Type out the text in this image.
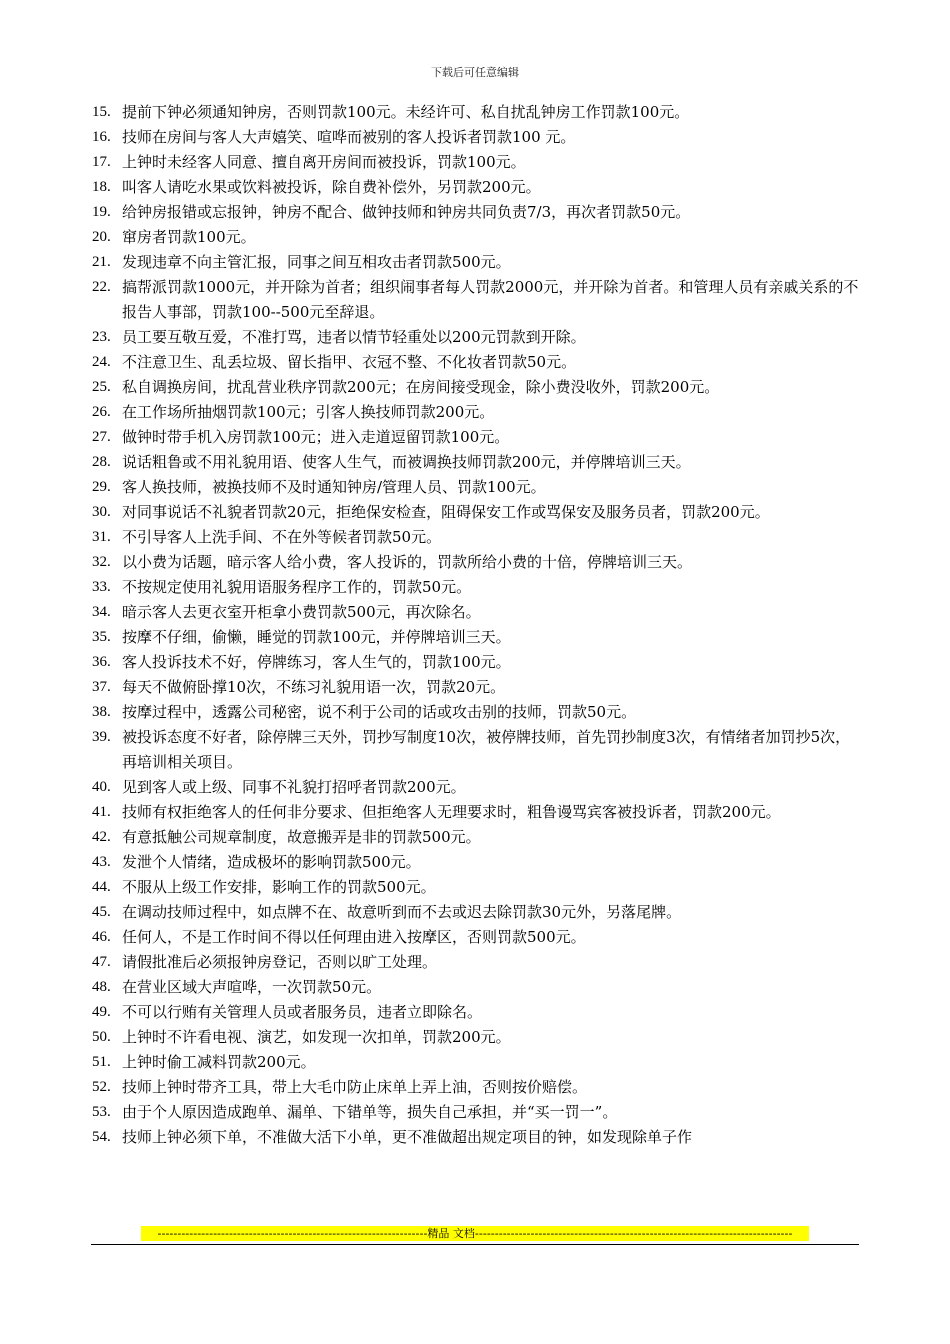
下载后可任意编辑
15. 提前下钟必须通知钟房，否则罚款100元。未经许可、私自扰乱钟房工作罚款100元。
16. 技师在房间与客人大声嬉笑、喧哗而被别的客人投诉者罚款100 元。
17. 上钟时未经客人同意、擅自离开房间而被投诉，罚款100元。
18. 叫客人请吃水果或饮料被投诉，除自费补偿外，另罚款200元。
19. 给钟房报错或忘报钟，钟房不配合、做钟技师和钟房共同负责7/3，再次者罚款50元。
20. 窜房者罚款100元。
21. 发现违章不向主管汇报，同事之间互相攻击者罚款500元。
22. 搞帮派罚款1000元，并开除为首者；组织闹事者每人罚款2000元，并开除为首者。和管理人员有亲戚关系的不报告人事部，罚款100--500元至辞退。
23. 员工要互敬互爱，不准打骂，违者以情节轻重处以200元罚款到开除。
24. 不注意卫生、乱丢垃圾、留长指甲、衣冠不整、不化妆者罚款50元。
25. 私自调换房间，扰乱营业秩序罚款200元；在房间接受现金，除小费没收外，罚款200元。
26. 在工作场所抽烟罚款100元；引客人换技师罚款200元。
27. 做钟时带手机入房罚款100元；进入走道逗留罚款100元。
28. 说话粗鲁或不用礼貌用语、使客人生气，而被调换技师罚款200元，并停牌培训三天。
29. 客人换技师，被换技师不及时通知钟房/管理人员、罚款100元。
30. 对同事说话不礼貌者罚款20元，拒绝保安检查，阻碍保安工作或骂保安及服务员者，罚款200元。
31. 不引导客人上洗手间、不在外等候者罚款50元。
32. 以小费为话题，暗示客人给小费，客人投诉的，罚款所给小费的十倍，停牌培训三天。
33. 不按规定使用礼貌用语服务程序工作的，罚款50元。
34. 暗示客人去更衣室开柜拿小费罚款500元，再次除名。
35. 按摩不仔细，偷懒，睡觉的罚款100元，并停牌培训三天。
36. 客人投诉技术不好，停牌练习，客人生气的，罚款100元。
37. 每天不做俯卧撑10次，不练习礼貌用语一次，罚款20元。
38. 按摩过程中，透露公司秘密，说不利于公司的话或攻击别的技师，罚款50元。
39. 被投诉态度不好者，除停牌三天外，罚抄写制度10次，被停牌技师，首先罚抄制度3次，有情绪者加罚抄5次，再培训相关项目。
40. 见到客人或上级、同事不礼貌打招呼者罚款200元。
41. 技师有权拒绝客人的任何非分要求、但拒绝客人无理要求时，粗鲁谩骂宾客被投诉者，罚款200元。
42. 有意抵触公司规章制度，故意搬弄是非的罚款500元。
43. 发泄个人情绪，造成极坏的影响罚款500元。
44. 不服从上级工作安排，影响工作的罚款500元。
45. 在调动技师过程中，如点牌不在、故意听到而不去或迟去除罚款30元外，另落尾牌。
46. 任何人，不是工作时间不得以任何理由进入按摩区，否则罚款500元。
47. 请假批准后必须报钟房登记，否则以旷工处理。
48. 在营业区域大声喧哗，一次罚款50元。
49. 不可以行贿有关管理人员或者服务员，违者立即除名。
50. 上钟时不许看电视、演艺，如发现一次扣单，罚款200元。
51. 上钟时偷工减料罚款200元。
52. 技师上钟时带齐工具，带上大毛巾防止床单上弄上油，否则按价赔偿。
53. 由于个人原因造成跑单、漏单、下错单等，损失自己承担，并“买一罚一”。
54. 技师上钟必须下单，不准做大活下小单，更不准做超出规定项目的钟，如发现除单子作
--------------------------------------------------------------------精品 文档--------------------------------------------------------------------------------
